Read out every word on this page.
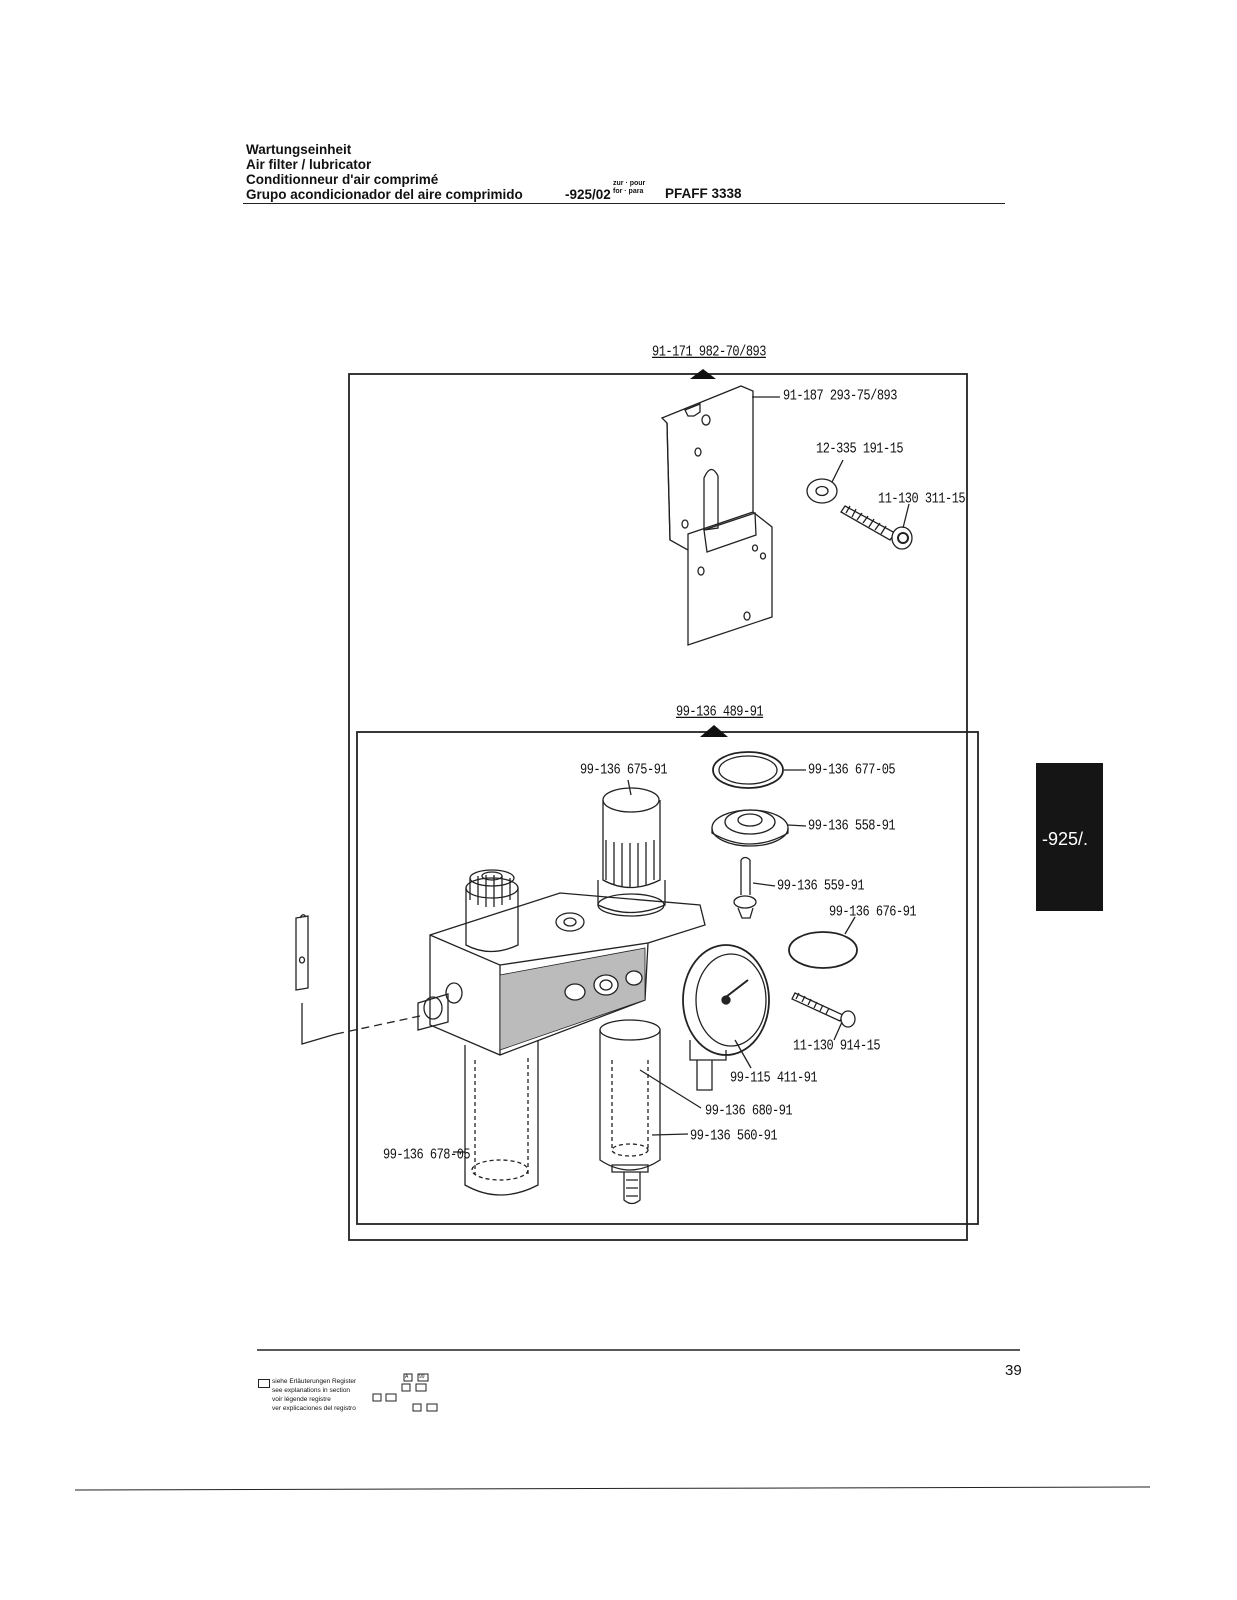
Wartungseinheit
Air filter / lubricator
Conditionneur d'air comprimé
Grupo acondicionador del aire comprimido	-925/02
zur · pour
for · para PFAFF 3338
91-171 982-70/893
91-187 293-75/893
12-335 191-15
11-130 311-15
99-136 489-91
99-136 675-91	99-136 677-05
99-136 558-91
99-136 559-91
99-136 676-91
11-130 914-15
99-115 411-91
99-136 680-91
99-136 560-91
99-136 678-05
-925/.
39
siehe Erläuterungen Register
see explanations in section
voir légende registre
ver explicaciones del registro
A 99
